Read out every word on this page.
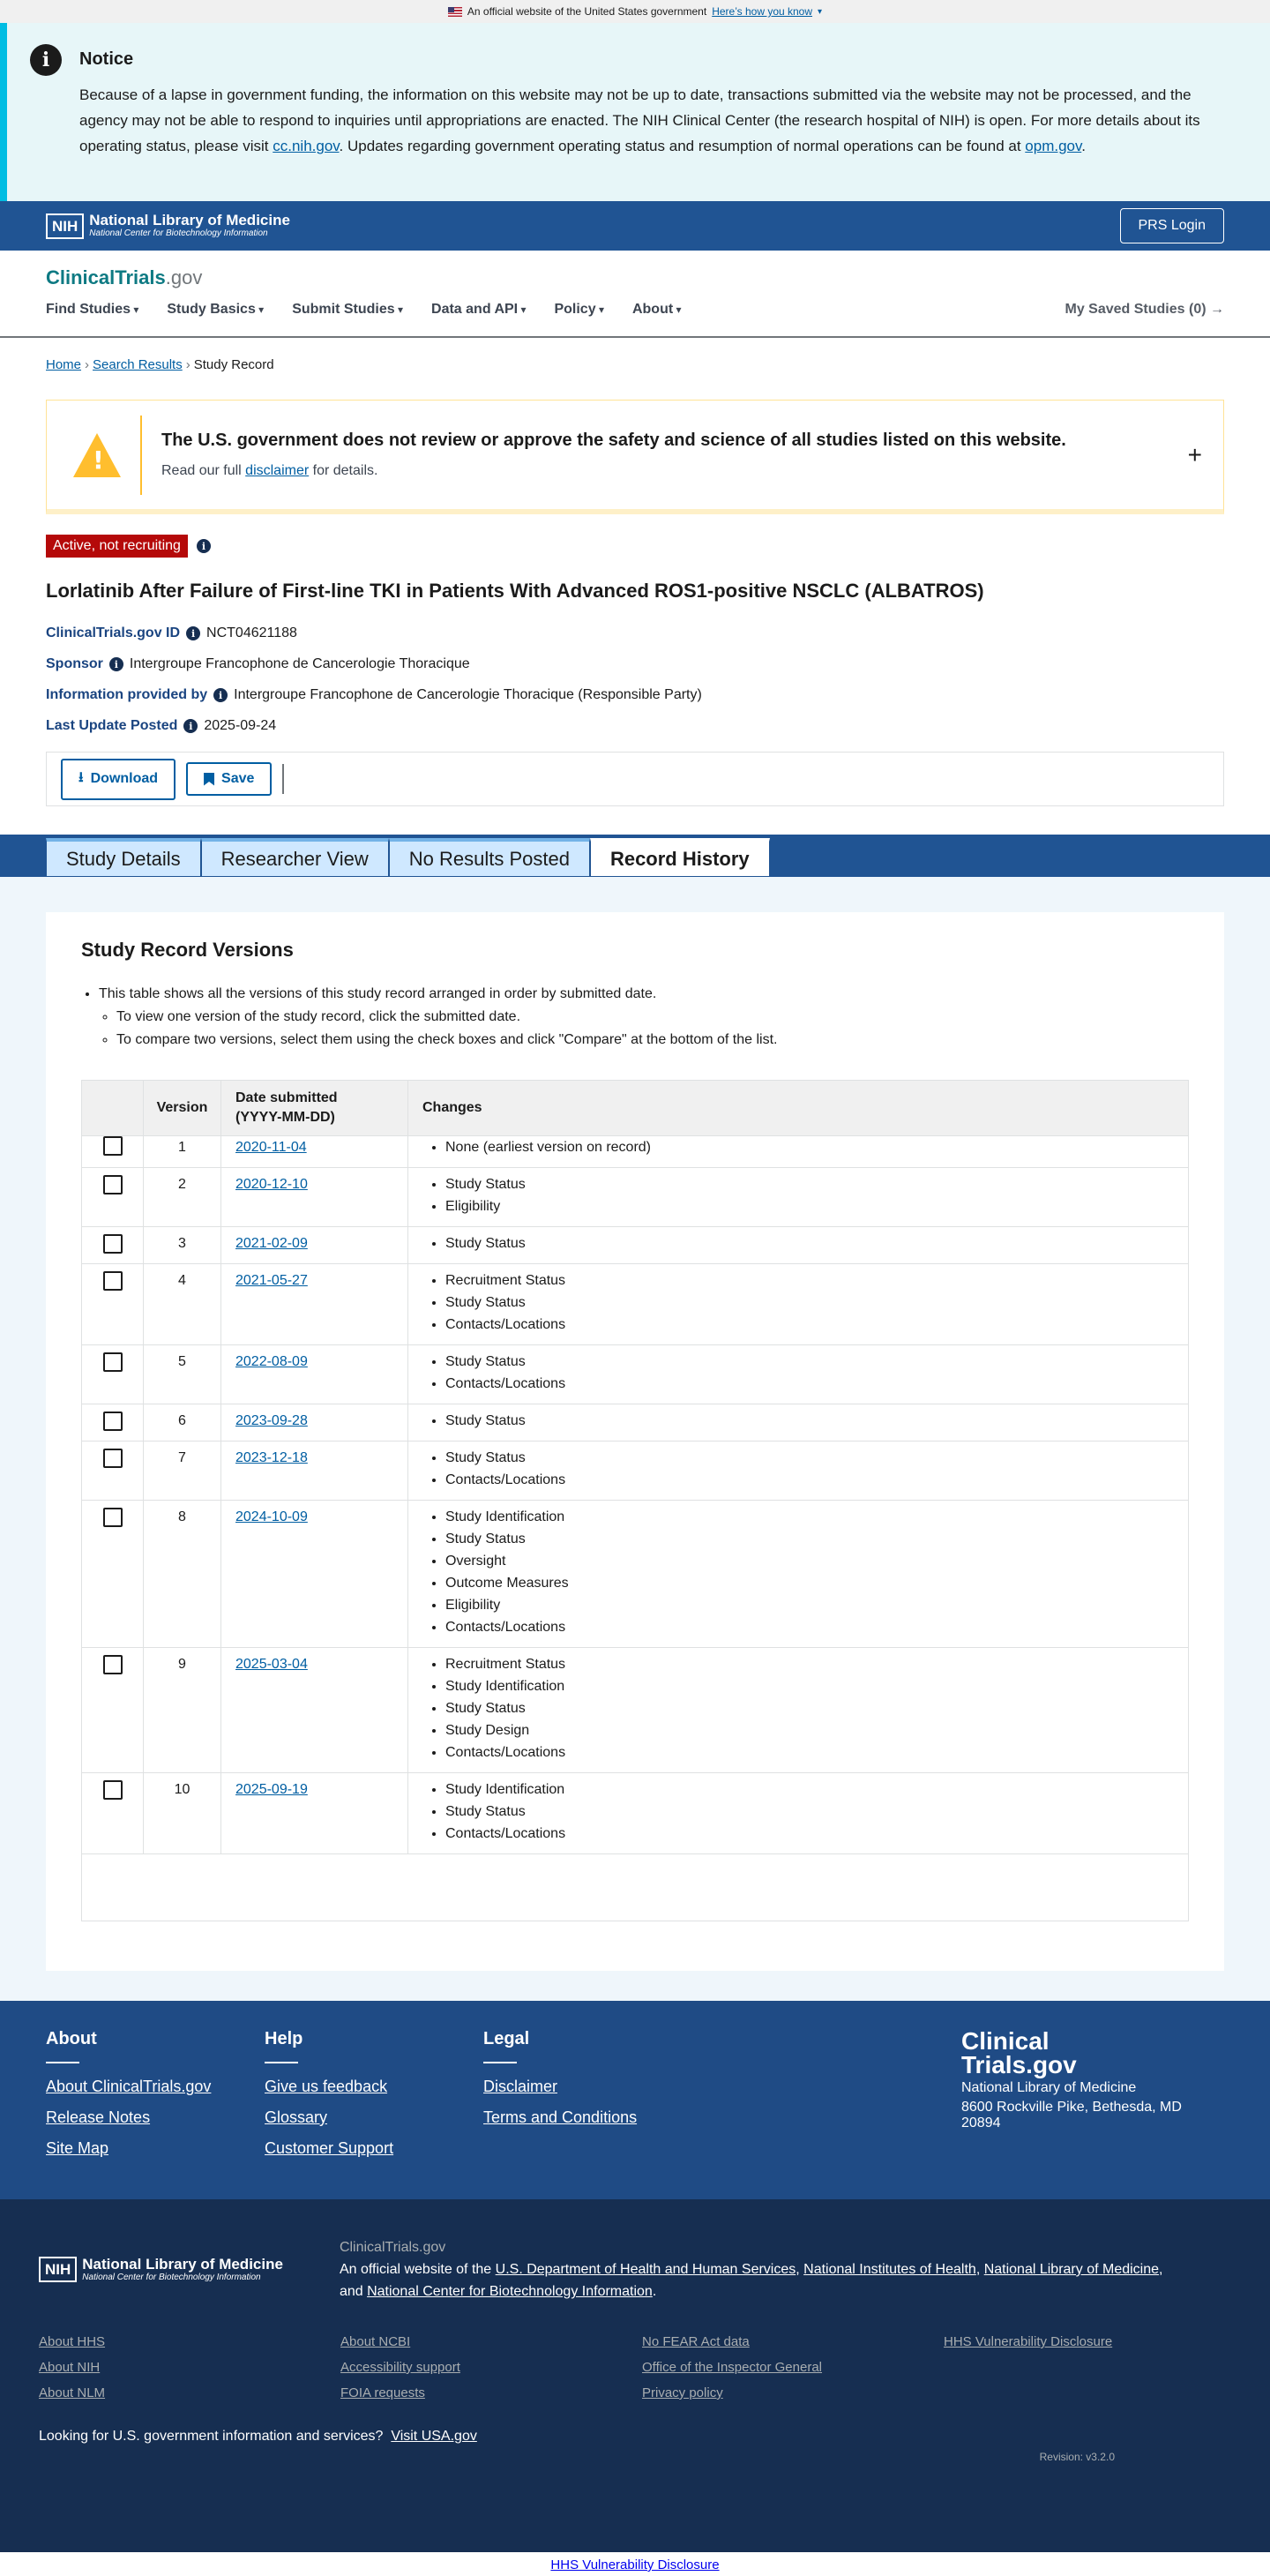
An official website of the United States government Here’s how you know ▾
i	Notice

Because of a lapse in government funding, the information on this website may not be up to date, transactions submitted via the website may not be processed, and the agency may not be able to respond to inquiries until appropriations are enacted. The NIH Clinical Center (the research hospital of NIH) is open. For more details about its operating status, please visit cc.nih.gov. Updates regarding government operating status and resumption of normal operations can be found at opm.gov.

NIH National Library of Medicine
National Center for Biotechnology Information
PRS Login
ClinicalTrials.gov
Find Studies ▾	Study Basics ▾	Submit Studies ▾	Data and API ▾	Policy ▾	About ▾	My Saved Studies (0) →
Home › Search Results › Study Record
!
The U.S. government does not review or approve the safety and science of all studies listed on this website.

Read our full disclaimer for details.

+
Active, not recruiting	i
Lorlatinib After Failure of First-line TKI in Patients With Advanced ROS1-positive NSCLC (ALBATROS)
ClinicalTrials.gov ID	i NCT04621188
Sponsor	i Intergroupe Francophone de Cancerologie Thoracique
Information provided by	i Intergroupe Francophone de Cancerologie Thoracique (Responsible Party)
Last Update Posted	i 2025-09-24
⭳ Download	Save
Study Details	Researcher View	No Results Posted	Record History
Study Record Versions
• This table shows all the versions of this study record arranged in order by submitted date.
◦ To view one version of the study record, click the submitted date.
◦ To compare two versions, select them using the check boxes and click "Compare" at the bottom of the list.
Version
Date submitted
(YYYY-MM-DD)
Changes
1	2020-11-04	• None (earliest version on record)
2	2020-12-10	• Study Status
• Eligibility
3	2021-02-09	• Study Status
4	2021-05-27	• Recruitment Status
• Study Status
• Contacts/Locations
5	2022-08-09	• Study Status
• Contacts/Locations
6	2023-09-28	• Study Status
7	2023-12-18	• Study Status
• Contacts/Locations
8	2024-10-09	• Study Identification
• Study Status
• Oversight
• Outcome Measures
• Eligibility
• Contacts/Locations
9	2025-03-04	• Recruitment Status
• Study Identification
• Study Status
• Study Design
• Contacts/Locations
10	2025-09-19	• Study Identification
• Study Status
• Contacts/Locations
About
About ClinicalTrials.gov
Release Notes
Site Map
Help
Give us feedback
Glossary
Customer Support
Legal
Disclaimer
Terms and Conditions
Clinical
Trials.gov
National Library of Medicine
8600 Rockville Pike, Bethesda, MD 20894
NIH National Library of Medicine
National Center for Biotechnology Information
ClinicalTrials.gov
An official website of the U.S. Department of Health and Human Services, National Institutes of Health, National Library of Medicine,
and National Center for Biotechnology Information.
About HHS	About NCBI	No FEAR Act data	HHS Vulnerability Disclosure
About NIH	Accessibility support	Office of the Inspector General
About NLM	FOIA requests	Privacy policy
Looking for U.S. government information and services? Visit USA.gov
Revision: v3.2.0
HHS Vulnerability Disclosure
